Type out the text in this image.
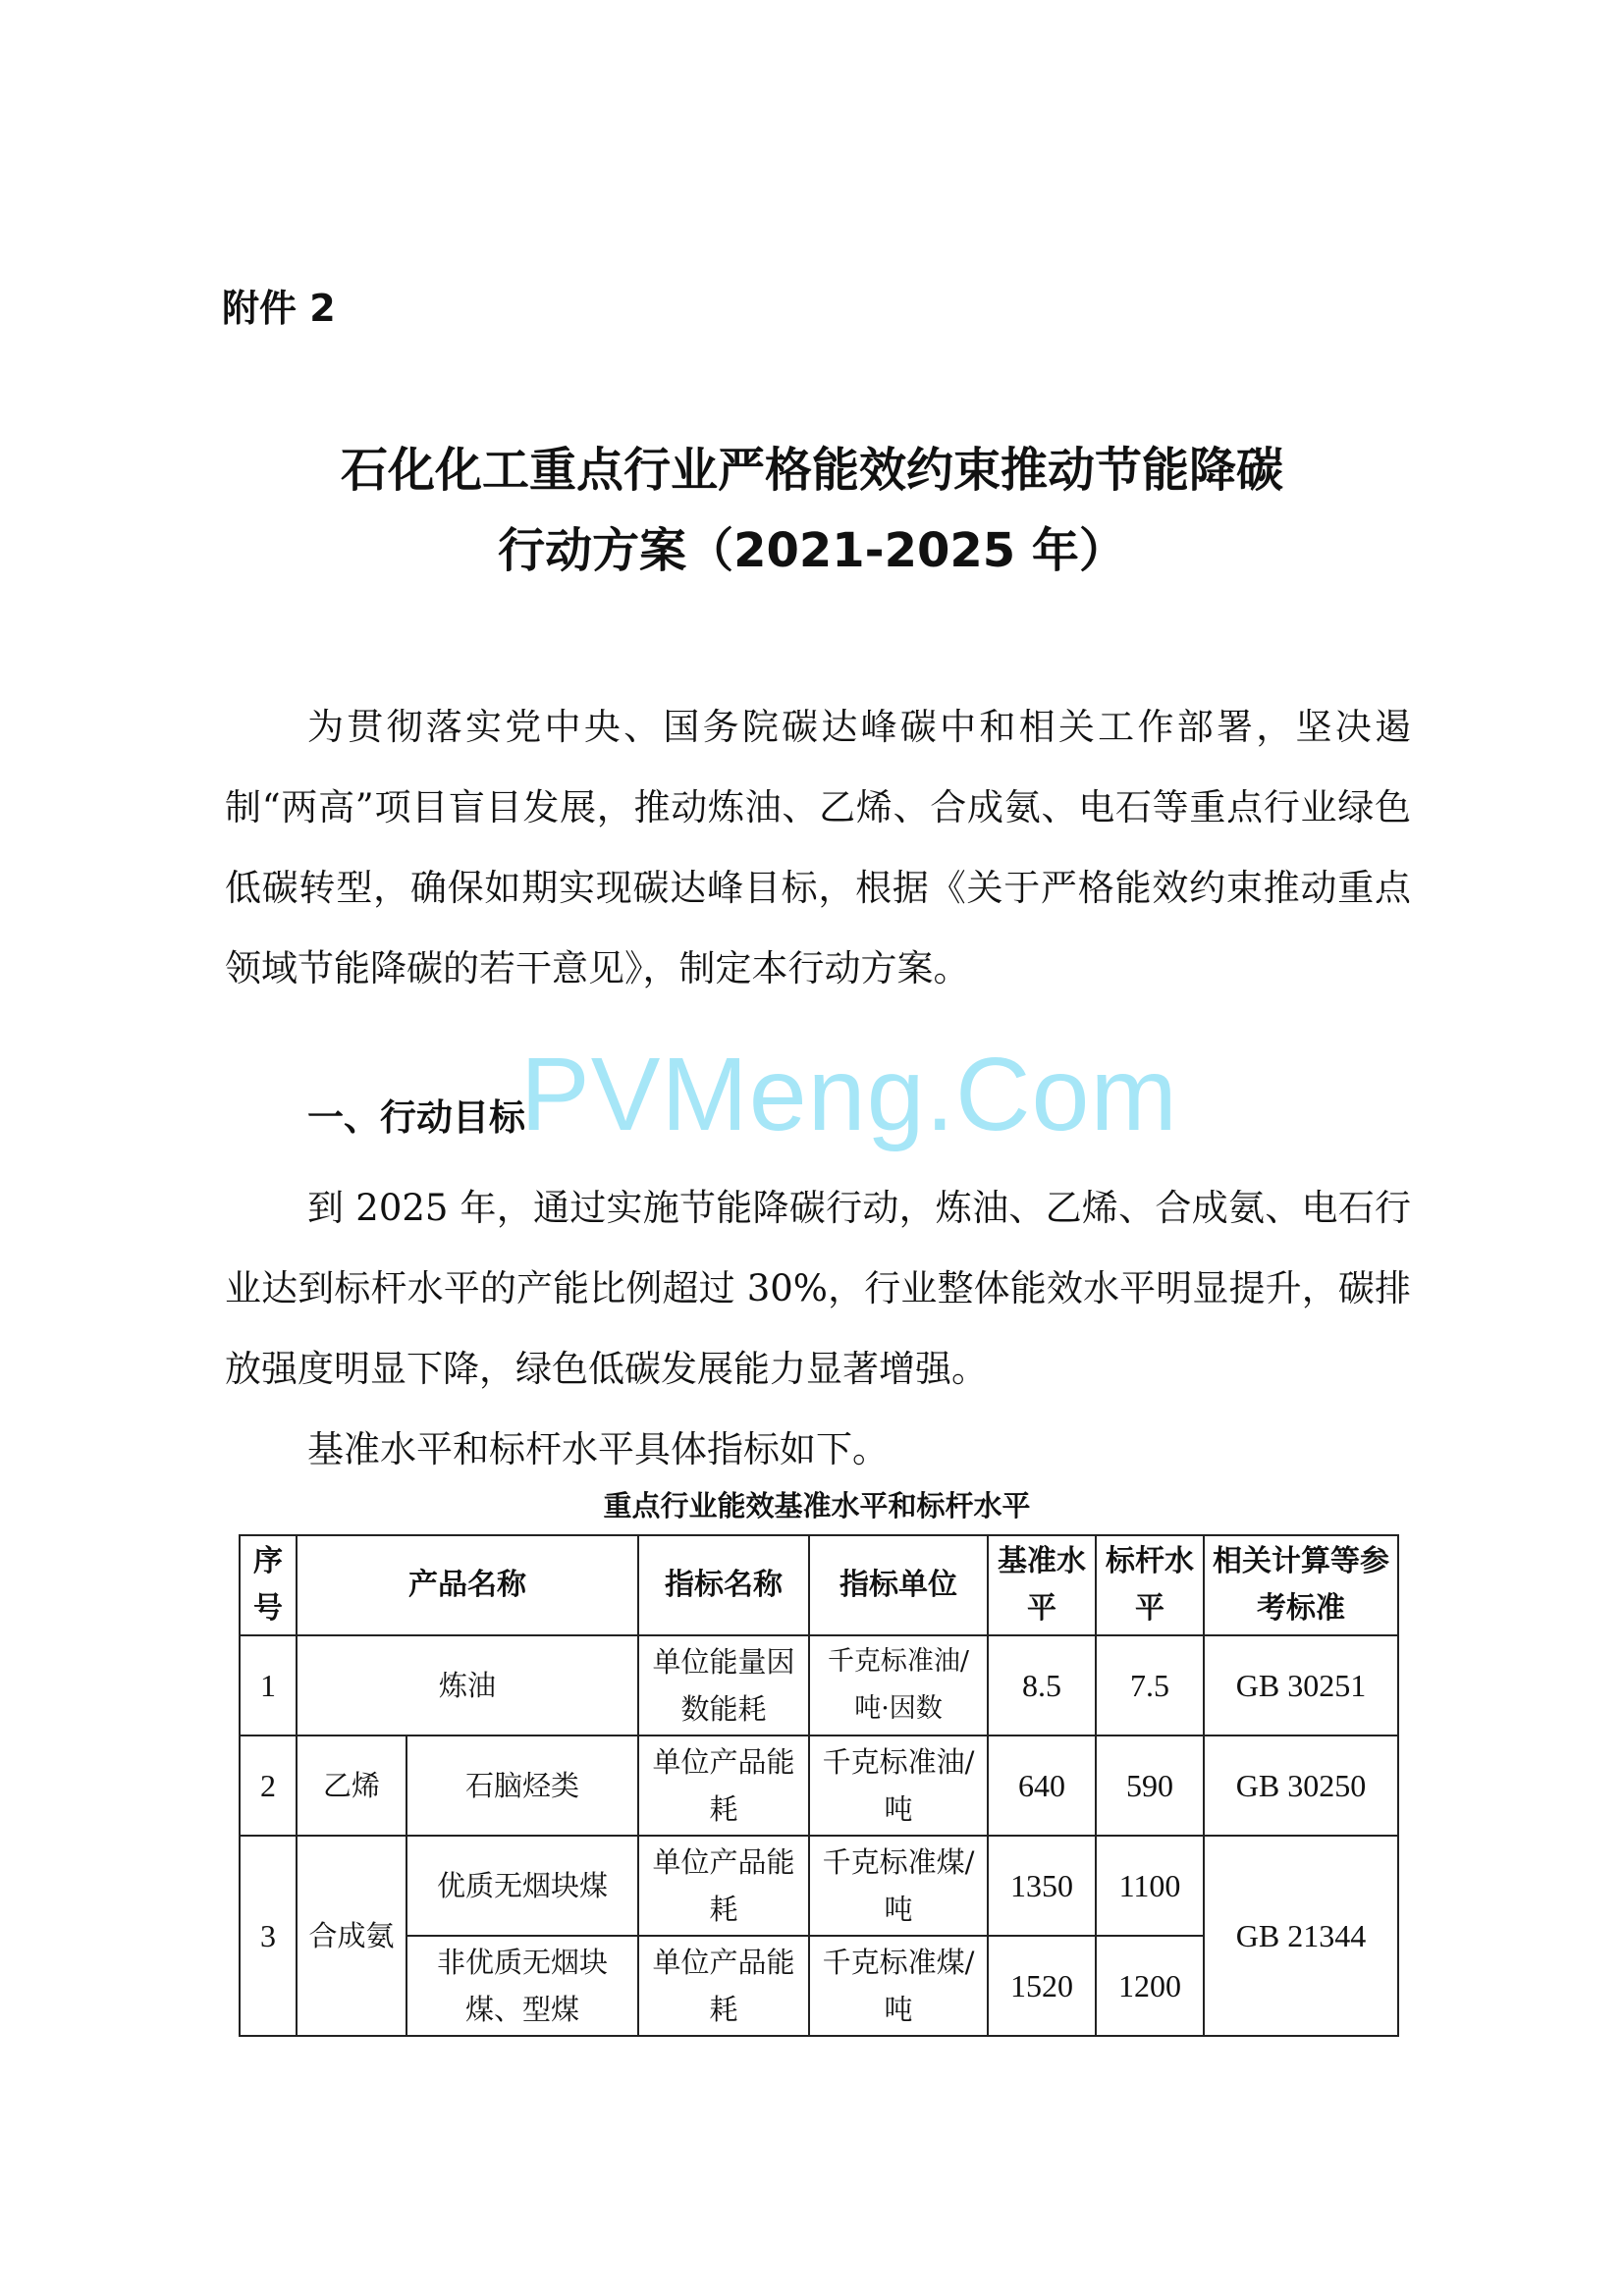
附件 2
石化化工重点行业严格能效约束推动节能降碳
行动方案（2021-2025 年）

为贯彻落实党中央、国务院碳达峰碳中和相关工作部署，坚决遏制“两高”项目盲目发展，推动炼油、乙烯、合成氨、电石等重点行业绿色低碳转型，确保如期实现碳达峰目标，根据《关于严格能效约束推动重点领域节能降碳的若干意见》，制定本行动方案。

一、行动目标
PVMeng.Com

到 2025 年，通过实施节能降碳行动，炼油、乙烯、合成氨、电石行业达到标杆水平的产能比例超过 30%，行业整体能效水平明显提升，碳排放强度明显下降，绿色低碳发展能力显著增强。

基准水平和标杆水平具体指标如下。

重点行业能效基准水平和标杆水平
序号	产品名称		指标名称	指标单位	基准水平	标杆水平	相关计算等参考标准
1	炼油		单位能量因数能耗	千克标准油/吨·因数	8.5	7.5	GB 30251
2	乙烯	石脑烃类	单位产品能耗	千克标准油/吨	640	590	GB 30250
3	合成氨	优质无烟块煤	单位产品能耗	千克标准煤/吨	1350	1100	GB 21344
		非优质无烟块煤、型煤	单位产品能耗	千克标准煤/吨	1520	1200	
